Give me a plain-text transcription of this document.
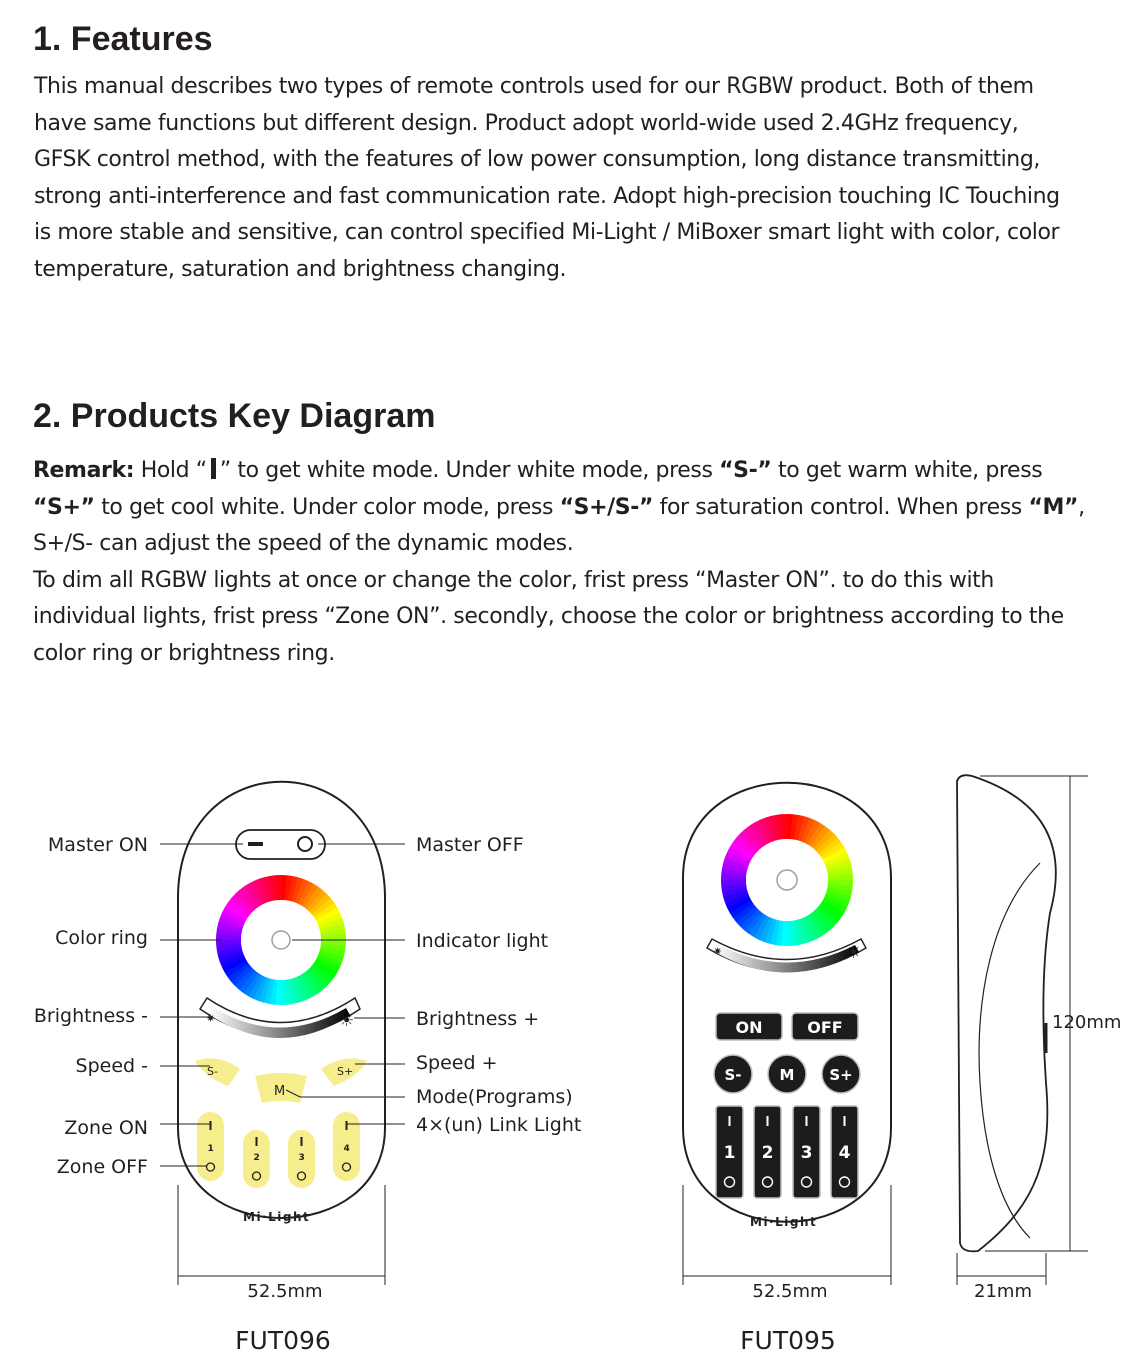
1. Features
This manual describes two types of remote controls used for our RGBW product. Both of them
have same functions but different design. Product adopt world-wide used 2.4GHz frequency,
GFSK control method, with the features of low power consumption, long distance transmitting,
strong anti-interference and fast communication rate. Adopt high-precision touching IC Touching
is more stable and sensitive, can control specified Mi-Light / MiBoxer smart light with color, color
temperature, saturation and brightness changing.
2. Products Key Diagram
Remark: Hold “ ” to get white mode. Under white mode, press “S-” to get warm white, press
“S+” to get cool white. Under color mode, press “S+/S-” for saturation control. When press “M”,
S+/S- can adjust the speed of the dynamic modes.
To dim all RGBW lights at once or change the color, frist press “Master ON”. to do this with
individual lights, frist press “Zone ON”. secondly, choose the color or brightness according to the
color ring or brightness ring.
✷	☀
S-
M
S+
1
2	3
4
Mi·Light
Master ON
Color ring
Brightness -
Speed -
Zone ON
Zone OFF
Master OFF
Indicator light
Brightness +
Speed +
Mode(Programs)
4×(un) Link Light
52.5mm
FUT096
✷	☀
ON	OFF
S-	M S+
1 2 3 4
Mi·Light
52.5mm
FUT095
120mm
21mm
